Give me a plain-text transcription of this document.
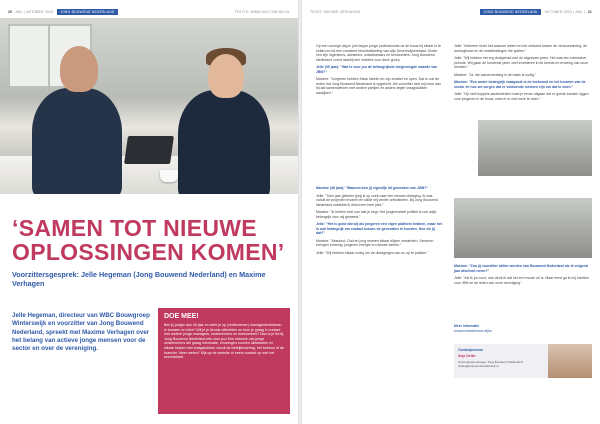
20 JWL | OKTOBER 2023	JONG BOUWEND NEDERLAND	FOTO'S: WWW.UNI.COM.NU.NL
‘SAMEN TOT NIEUWE OPLOSSINGEN KOMEN’
Voorzittersgesprek: Jelle Hegeman (Jong Bouwend Nederland) en Maxime Verhagen

Jelle Hegeman, directeur van WBC Bouwgroep Winterswijk en voorzitter van Jong Bouwend Nederland, spreekt met Maxime Verhagen over het belang van actieve jonge mensen voor de sector en over de vereniging.

DOE MEE!

Ben jij jonger dan 40 jaar en werk je op (ondernemer) managementniveau in bouwen en infra? Wil je je kennis uitbreiden en kom je graag in contact met andere jonge managers, ondernemers en bestuurders? Dan is je lid bij Jong Bouwend Nederland iets voor jou! Een netwerk van jonge ondernemers die graag informatie, ervaringen kunnen uitwisselen en elkaar helpen met vraagstukken vanuit de bedrijfsvoering, het bestuur of de branche. Meer weten? Kijk op de website of neem contact op met het secretariaat.

TEKST: MAXIME VERHAGEN	JONG BOUWEND NEDERLAND	OKTOBER 2023 | JWL | 21

Op een zonnige dag in juni begon jonge professionals uit de bouw bij elkaar in te zetten en tot een creatieve herontwikkeling van wijk Sevenhuijserstraat. Onder hen zijn ingenieurs, adviseurs, ontwikkelaars en bestuurders. Jong Bouwend Nederland vormt daarbij een netwerk voor deze groep.

Jelle (35 jaar): "Wat is voor jou de belangrijkste toegevoegde waarde van JBN?"

Maxime: "Jongeren hebben frisse ideeën en zijn creatief en open. Dat is ook de reden dat Jong Bouwend Nederland is opgericht. Als voorzitter sluit mij mooi aan bij dat samenwerken met andere partijen en anders tegen vraagstukken aankijken."

Maxime (48 jaar): "Waarom ben jij eigenlijk lid geworden van JBN?"

Jelle: "Toen jaar geleden ging ik op zoek naar een nieuwe uitdaging. Ik was vanuit de projecten ervaren en wilde mij verder ontwikkelen. Bij Jong Bouwend Nederland ontdekte ik direct een heel plek."

Maxime: "Ik herken veel van wat je zegt. Het jongerendeel politiek is ook altijd belangrijk voor mij geweest."

Jelle: "Het is goed dat wij als jongeren een eigen platform hebben, maar het is ook belangrijk om contact tussen de generaties te houden. Hoe zie jij dat?"

Maxime: "Absoluut. Oud en jong moeten elkaar blijven versterken. Senioren brengen ervaring, jongeren energie en nieuwe ideeën."

Jelle: "Wij hebben elkaar nodig om de uitdagingen van nu op te pakken."

Jelle: "Iedereen moet het waarom weten en het verband tussen de verduurzaming, de woningbouw en de ontwikkelingen die spelen."

Jelle: "Wij hebben het erg drukgehad met de afgelopen jaren. Het was een intensieve periode. Wij gaan de komende jaren veel investeren in de kennis en ervaring van onze mensen."

Maxime: "Ja, die samenwerking is de basis is nodig."

Maxime: "Een ander belangrijk vraagstuk is de toekomst en het bouwen van de sector en hoe we zorgen dat er voldoende mensen zijn om dat te doen."

Jelle: "Op veel koppels aanbesteden moet je ervan uitgaan dat er goede kansen liggen voor jongeren in de bouw, want er is veel werk te doen."

Maxime: "Zou jij voorzitter willen worden van Bouwend Nederland als ik volgend jaar afscheid neem?"

Jelle: "Als ik jou hoor, dan denk ik dat het een mooie rol is. Maar eerst ga ik mij inzetten voor JBN en de leden van onze vereniging."

Meer informatie
bouwendnederland.nl/jbn
Contactpersoon
Anja Zielke
Verenigingsmanager Jong Bouwend Nederland zielke@bouwendnederland.nl
